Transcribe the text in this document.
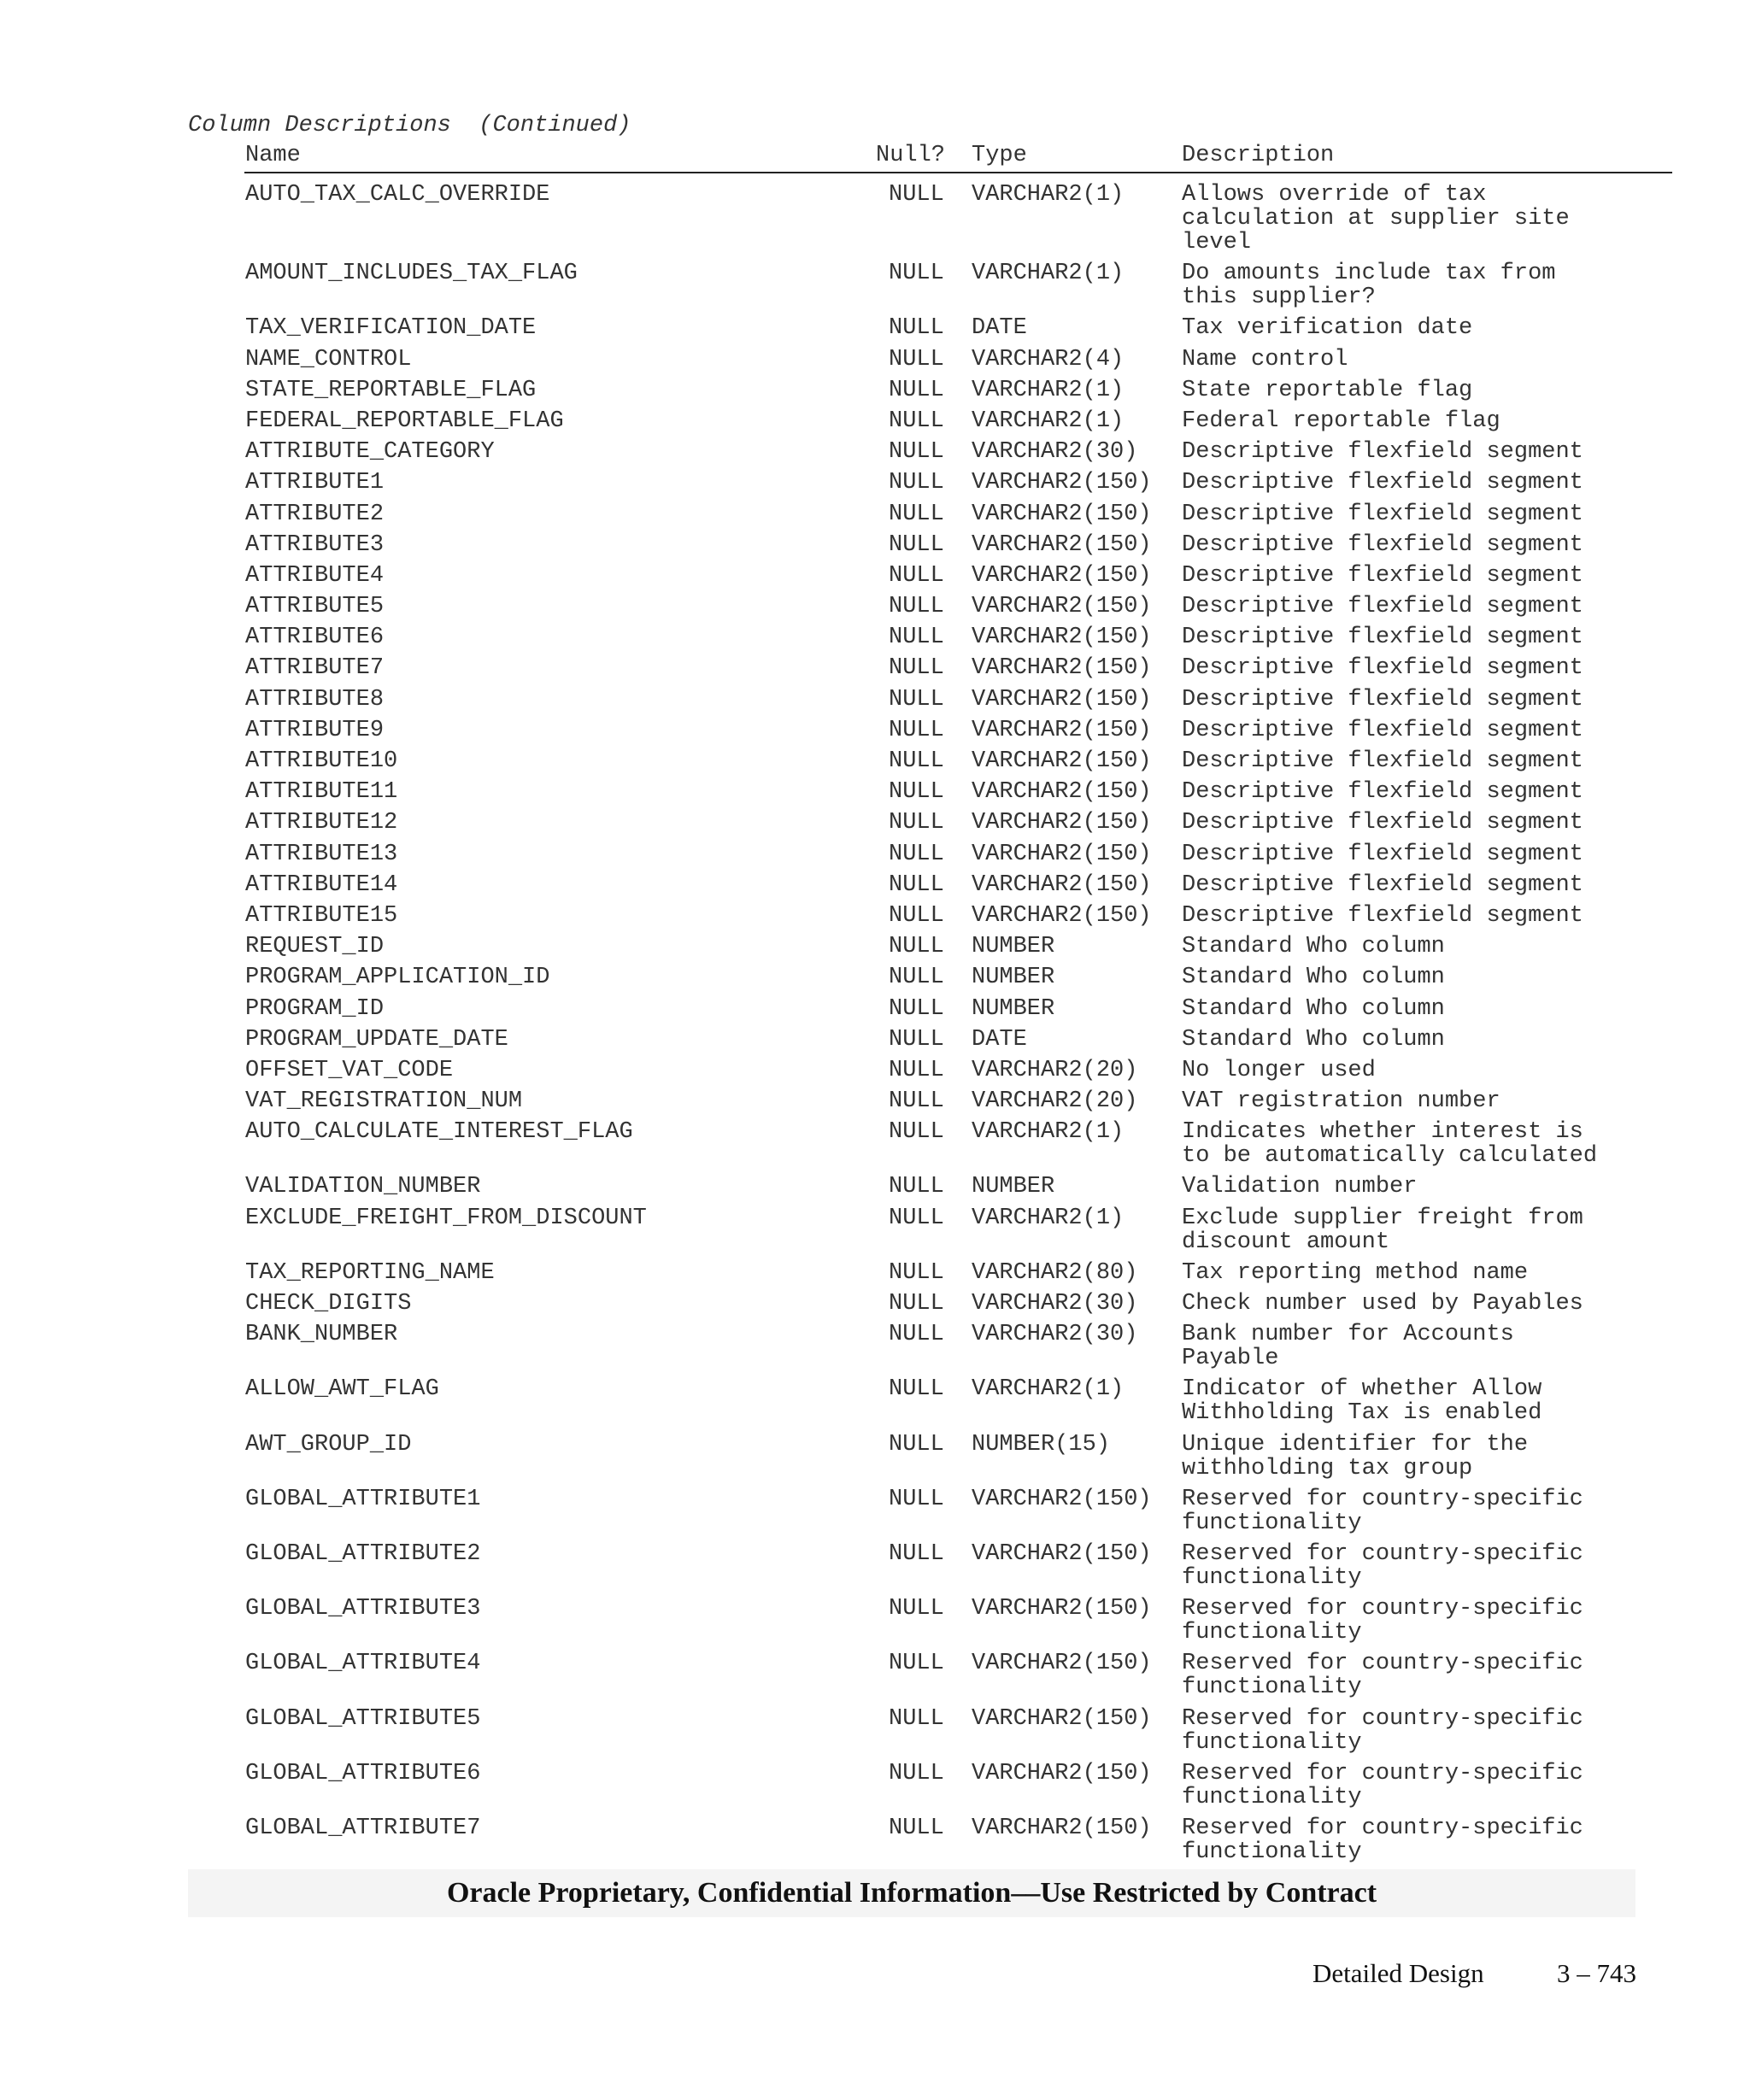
Column Descriptions  (Continued)
Name	Null? Type	Description
AUTO_TAX_CALC_OVERRIDE	NULL VARCHAR2(1)	Allows override of tax
calculation at supplier site
level
AMOUNT_INCLUDES_TAX_FLAG	NULL VARCHAR2(1)	Do amounts include tax from
this supplier?
TAX_VERIFICATION_DATE	NULL DATE	Tax verification date
NAME_CONTROL	NULL VARCHAR2(4)	Name control
STATE_REPORTABLE_FLAG	NULL VARCHAR2(1)	State reportable flag
FEDERAL_REPORTABLE_FLAG	NULL VARCHAR2(1)	Federal reportable flag
ATTRIBUTE_CATEGORY	NULL VARCHAR2(30) Descriptive flexfield segment
ATTRIBUTE1	NULL VARCHAR2(150) Descriptive flexfield segment
ATTRIBUTE2	NULL VARCHAR2(150) Descriptive flexfield segment
ATTRIBUTE3	NULL VARCHAR2(150) Descriptive flexfield segment
ATTRIBUTE4	NULL VARCHAR2(150) Descriptive flexfield segment
ATTRIBUTE5	NULL VARCHAR2(150) Descriptive flexfield segment
ATTRIBUTE6	NULL VARCHAR2(150) Descriptive flexfield segment
ATTRIBUTE7	NULL VARCHAR2(150) Descriptive flexfield segment
ATTRIBUTE8	NULL VARCHAR2(150) Descriptive flexfield segment
ATTRIBUTE9	NULL VARCHAR2(150) Descriptive flexfield segment
ATTRIBUTE10	NULL VARCHAR2(150) Descriptive flexfield segment
ATTRIBUTE11	NULL VARCHAR2(150) Descriptive flexfield segment
ATTRIBUTE12	NULL VARCHAR2(150) Descriptive flexfield segment
ATTRIBUTE13	NULL VARCHAR2(150) Descriptive flexfield segment
ATTRIBUTE14	NULL VARCHAR2(150) Descriptive flexfield segment
ATTRIBUTE15	NULL VARCHAR2(150) Descriptive flexfield segment
REQUEST_ID	NULL NUMBER	Standard Who column
PROGRAM_APPLICATION_ID	NULL NUMBER	Standard Who column
PROGRAM_ID	NULL NUMBER	Standard Who column
PROGRAM_UPDATE_DATE	NULL DATE	Standard Who column
OFFSET_VAT_CODE	NULL VARCHAR2(20) No longer used
VAT_REGISTRATION_NUM	NULL VARCHAR2(20) VAT registration number
AUTO_CALCULATE_INTEREST_FLAG	NULL VARCHAR2(1)	Indicates whether interest is
to be automatically calculated
VALIDATION_NUMBER	NULL NUMBER	Validation number
EXCLUDE_FREIGHT_FROM_DISCOUNT	NULL VARCHAR2(1)	Exclude supplier freight from
discount amount
TAX_REPORTING_NAME	NULL VARCHAR2(80) Tax reporting method name
CHECK_DIGITS	NULL VARCHAR2(30) Check number used by Payables
BANK_NUMBER	NULL VARCHAR2(30) Bank number for Accounts
Payable
ALLOW_AWT_FLAG	NULL VARCHAR2(1)	Indicator of whether Allow
Withholding Tax is enabled
AWT_GROUP_ID	NULL NUMBER(15)	Unique identifier for the
withholding tax group
GLOBAL_ATTRIBUTE1	NULL VARCHAR2(150) Reserved for country-specific
functionality
GLOBAL_ATTRIBUTE2	NULL VARCHAR2(150) Reserved for country-specific
functionality
GLOBAL_ATTRIBUTE3	NULL VARCHAR2(150) Reserved for country-specific
functionality
GLOBAL_ATTRIBUTE4	NULL VARCHAR2(150) Reserved for country-specific
functionality
GLOBAL_ATTRIBUTE5	NULL VARCHAR2(150) Reserved for country-specific
functionality
GLOBAL_ATTRIBUTE6	NULL VARCHAR2(150) Reserved for country-specific
functionality
GLOBAL_ATTRIBUTE7	NULL VARCHAR2(150) Reserved for country-specific
functionality
Oracle Proprietary, Confidential Information––Use Restricted by Contract
Detailed Design	3 – 743
